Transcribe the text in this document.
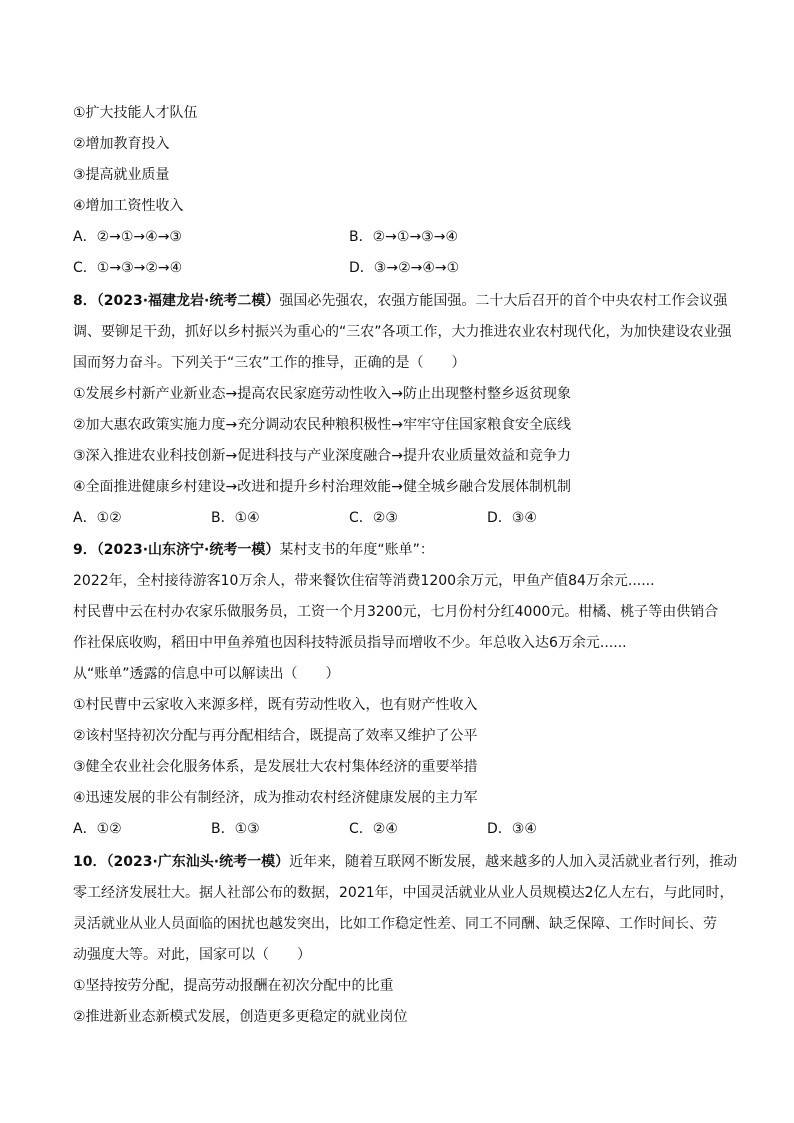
①扩大技能人才队伍
②增加教育投入
③提高就业质量
④增加工资性收入
A．②→①→④→③	B．②→①→③→④
C．①→③→②→④	D．③→②→④→①
8．（2023·福建龙岩·统考二模）强国必先强农，农强方能国强。二十大后召开的首个中央农村工作会议强
调、要铆足干劲，抓好以乡村振兴为重心的“三农”各项工作，大力推进农业农村现代化，为加快建设农业强
国而努力奋斗。下列关于“三农”工作的推导，正确的是（　　）
①发展乡村新产业新业态→提高农民家庭劳动性收入→防止出现整村整乡返贫现象
②加大惠农政策实施力度→充分调动农民种粮积极性→牢牢守住国家粮食安全底线
③深入推进农业科技创新→促进科技与产业深度融合→提升农业质量效益和竞争力
④全面推进健康乡村建设→改进和提升乡村治理效能→健全城乡融合发展体制机制
A．①②	B．①④	C．②③	D．③④
9．（2023·山东济宁·统考一模）某村支书的年度“账单”：
2022年，全村接待游客10万余人，带来餐饮住宿等消费1200余万元，甲鱼产值84万余元......
村民曹中云在村办农家乐做服务员，工资一个月3200元，七月份村分红4000元。柑橘、桃子等由供销合
作社保底收购，稻田中甲鱼养殖也因科技特派员指导而增收不少。年总收入达6万余元......
从“账单”透露的信息中可以解读出（　　）
①村民曹中云家收入来源多样，既有劳动性收入，也有财产性收入
②该村坚持初次分配与再分配相结合，既提高了效率又维护了公平
③健全农业社会化服务体系，是发展壮大农村集体经济的重要举措
④迅速发展的非公有制经济，成为推动农村经济健康发展的主力军
A．①②	B．①③	C．②④	D．③④
10．（2023·广东汕头·统考一模）近年来，随着互联网不断发展，越来越多的人加入灵活就业者行列，推动
零工经济发展壮大。据人社部公布的数据，2021年，中国灵活就业从业人员规模达2亿人左右，与此同时，
灵活就业从业人员面临的困扰也越发突出，比如工作稳定性差、同工不同酬、缺乏保障、工作时间长、劳
动强度大等。对此，国家可以（　　）
①坚持按劳分配，提高劳动报酬在初次分配中的比重
②推进新业态新模式发展，创造更多更稳定的就业岗位
